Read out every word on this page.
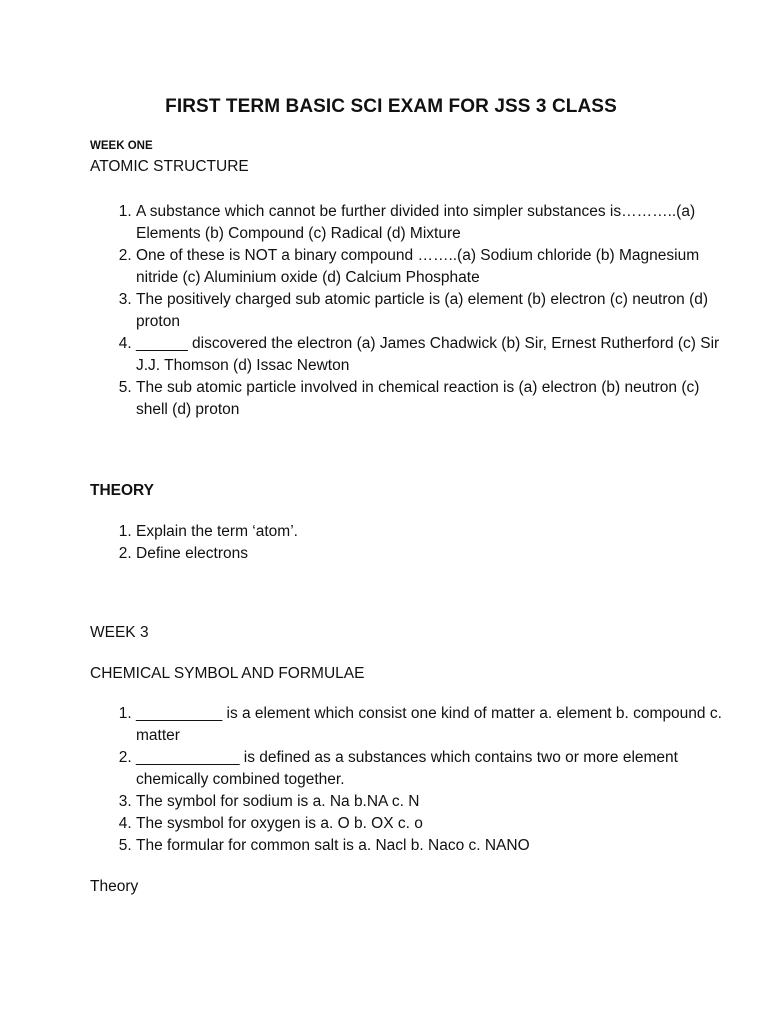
FIRST TERM BASIC SCI EXAM FOR JSS 3 CLASS
WEEK ONE
ATOMIC STRUCTURE
1. A substance which cannot be further divided into simpler substances is………..(a) Elements (b) Compound (c) Radical (d) Mixture
2. One of these is NOT a binary compound ……..(a) Sodium chloride (b) Magnesium nitride (c) Aluminium oxide (d) Calcium Phosphate
3. The positively charged sub atomic particle is (a) element (b) electron (c) neutron (d) proton
4. ______ discovered the electron (a) James Chadwick (b) Sir, Ernest Rutherford (c) Sir J.J. Thomson (d) Issac Newton
5. The sub atomic particle involved in chemical reaction is (a) electron (b) neutron (c) shell (d) proton
THEORY
1. Explain the term ‘atom’.
2. Define electrons
WEEK 3
CHEMICAL SYMBOL AND FORMULAE
1. __________ is a element which consist one kind of matter a. element b. compound c. matter
2. ____________ is defined as a substances which contains two or more element chemically combined together.
3. The symbol for sodium is a. Na b.NA c. N
4. The sysmbol for oxygen is a. O b. OX c. o
5. The formular for common salt is a. Nacl b. Naco c. NANO
Theory
